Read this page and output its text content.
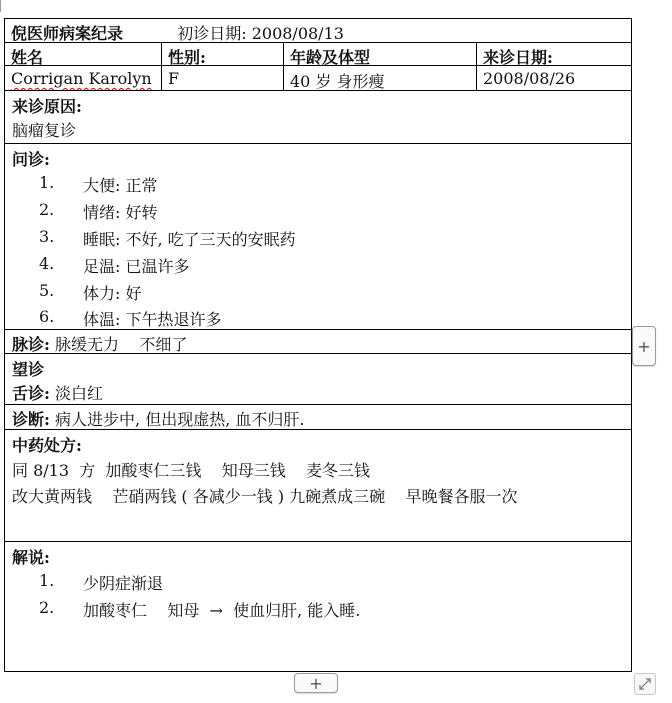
倪医师病案纪录	初诊日期: 2008/08/13
姓名	性别:	年龄及体型	来诊日期:
Corrigan Karolyn	F	40 岁 身形瘦	2008/08/26
来诊原因:
脑瘤复诊
问诊:
1. 大便: 正常
2. 情绪: 好转
3. 睡眠: 不好, 吃了三天的安眠药
4. 足温: 已温许多
5. 体力: 好
6. 体温: 下午热退许多
脉诊: 脉缓无力    不细了
望诊
舌诊: 淡白红
诊断: 病人进步中, 但出现虚热, 血不归肝.
中药处方:
同 8/13  方  加酸枣仁三钱    知母三钱    麦冬三钱
改大黄两钱    芒硝两钱 ( 各减少一钱 ) 九碗煮成三碗    早晚餐各服一次
解说:
1. 少阴症渐退
2. 加酸枣仁    知母  →  使血归肝, 能入睡.
+
+
